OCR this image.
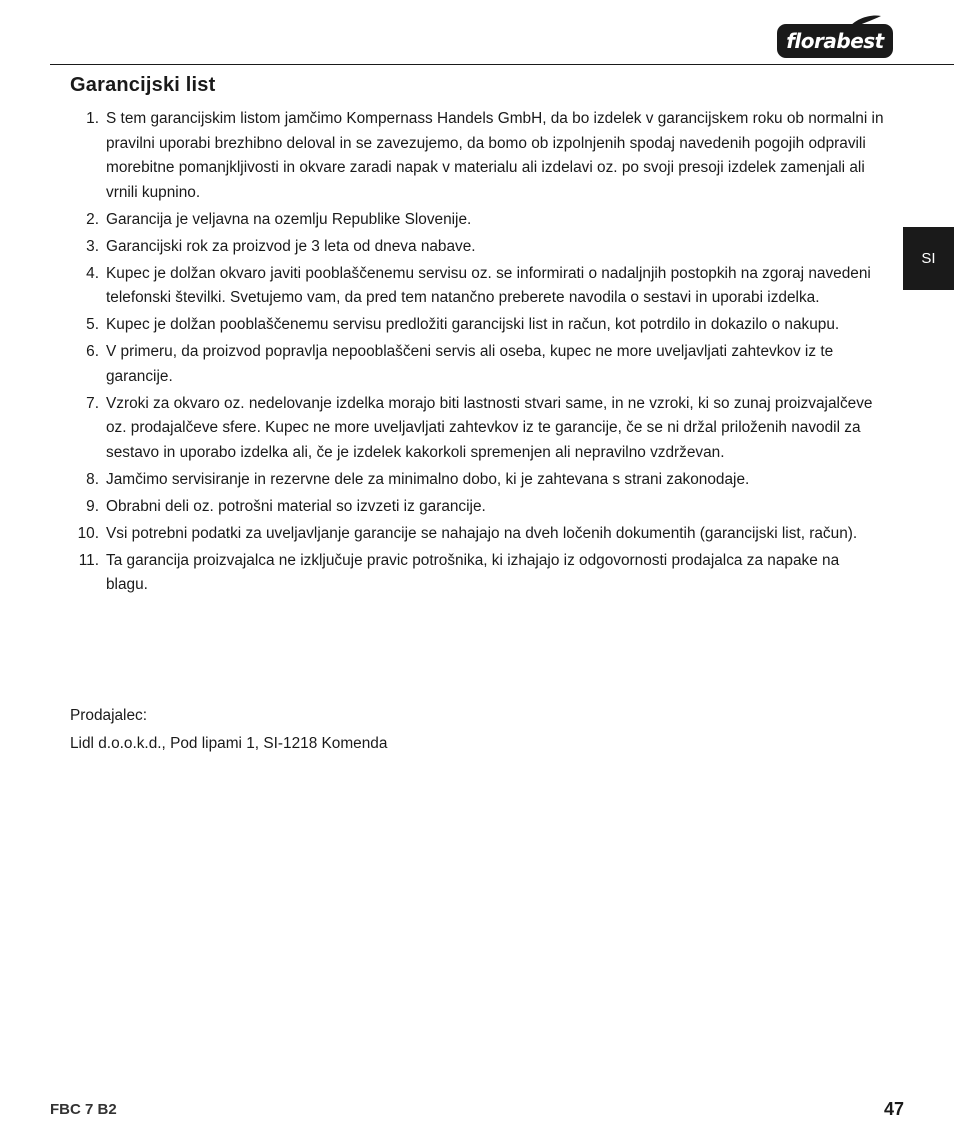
florabest
SI
Garancijski list
1. S tem garancijskim listom jamčimo Kompernass Handels GmbH, da bo izdelek v garancijskem roku ob normalni in pravilni uporabi brezhibno deloval in se zavezujemo, da bomo ob izpolnjenih spodaj navedenih pogojih odpravili morebitne pomanjkljivosti in okvare zaradi napak v materialu ali izdelavi oz. po svoji presoji izdelek zamenjali ali vrnili kupnino.
2. Garancija je veljavna na ozemlju Republike Slovenije.
3. Garancijski rok za proizvod je 3 leta od dneva nabave.
4. Kupec je dolžan okvaro javiti pooblaščenemu servisu oz. se informirati o nadaljnjih postopkih na zgoraj navedeni telefonski številki. Svetujemo vam, da pred tem natančno preberete navodila o sestavi in uporabi izdelka.
5. Kupec je dolžan pooblaščenemu servisu predložiti garancijski list in račun, kot potrdilo in dokazilo o nakupu.
6. V primeru, da proizvod popravlja nepooblaščeni servis ali oseba, kupec ne more uveljavljati zahtevkov iz te garancije.
7. Vzroki za okvaro oz. nedelovanje izdelka morajo biti lastnosti stvari same, in ne vzroki, ki so zunaj proizvajalčeve oz. prodajalčeve sfere. Kupec ne more uveljavljati zahtevkov iz te garancije, če se ni držal priloženih navodil za sestavo in uporabo izdelka ali, če je izdelek kakorkoli spremenjen ali nepravilno vzdrževan.
8. Jamčimo servisiranje in rezervne dele za minimalno dobo, ki je zahtevana s strani zakonodaje.
9. Obrabni deli oz. potrošni material so izvzeti iz garancije.
10. Vsi potrebni podatki za uveljavljanje garancije se nahajajo na dveh ločenih dokumentih (garancijski list, račun).
11. Ta garancija proizvajalca ne izključuje pravic potrošnika, ki izhajajo iz odgovornosti prodajalca za napake na blagu.
Prodajalec:
Lidl d.o.o.k.d., Pod lipami 1, SI-1218 Komenda
FBC 7 B2	47
